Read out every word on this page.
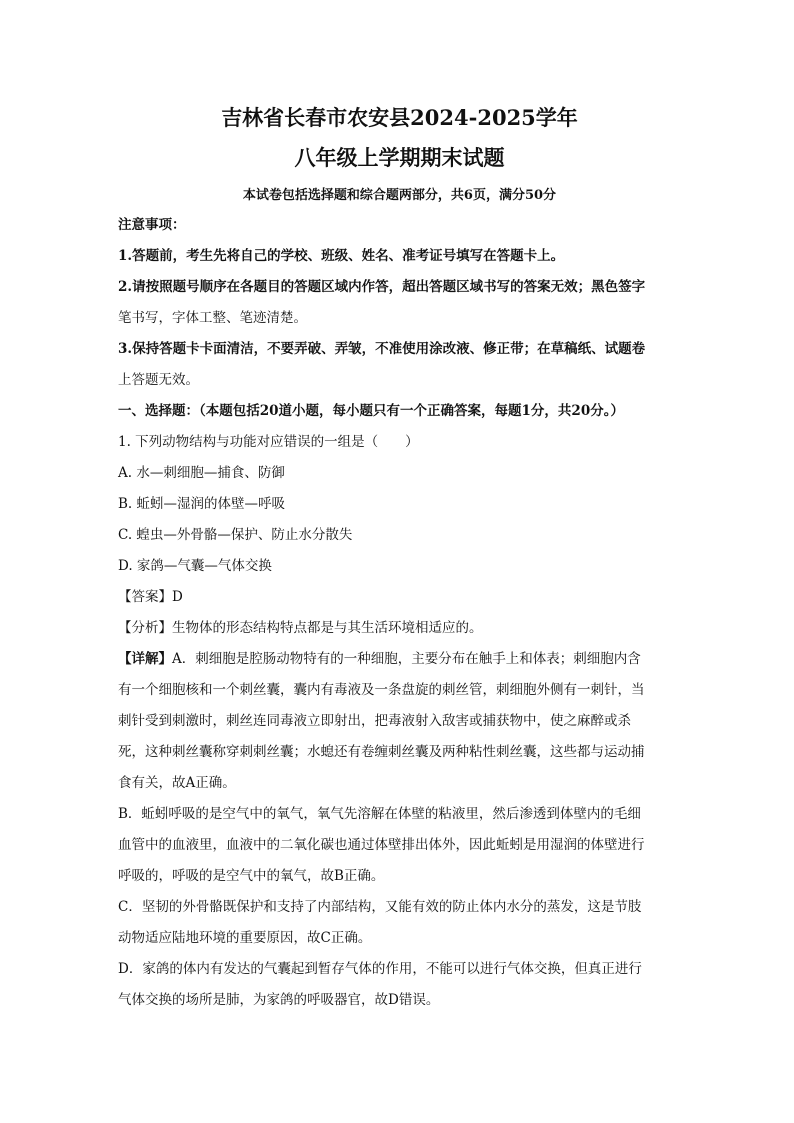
吉林省长春市农安县2024-2025学年
八年级上学期期末试题
本试卷包括选择题和综合题两部分，共6页，满分50分
注意事项：
1.答题前，考生先将自己的学校、班级、姓名、准考证号填写在答题卡上。
2.请按照题号顺序在各题目的答题区域内作答，超出答题区域书写的答案无效；黑色签字
笔书写，字体工整、笔迹清楚。
3.保持答题卡卡面清洁，不要弄破、弄皱，不准使用涂改液、修正带；在草稿纸、试题卷
上答题无效。
一、选择题：（本题包括20道小题，每小题只有一个正确答案，每题1分，共20分。）
1. 下列动物结构与功能对应错误的一组是（　　）
A. 水—刺细胞—捕食、防御
B. 蚯蚓—湿润的体壁—呼吸
C. 蝗虫—外骨骼—保护、防止水分散失
D. 家鸽—气囊—气体交换
【答案】D
【分析】生物体的形态结构特点都是与其生活环境相适应的。
【详解】A．刺细胞是腔肠动物特有的一种细胞，主要分布在触手上和体表；刺细胞内含
有一个细胞核和一个刺丝囊，囊内有毒液及一条盘旋的刺丝管，刺细胞外侧有一刺针，当
刺针受到刺激时，刺丝连同毒液立即射出，把毒液射入敌害或捕获物中，使之麻醉或杀
死，这种刺丝囊称穿刺刺丝囊；水螅还有卷缠刺丝囊及两种粘性刺丝囊，这些都与运动捕
食有关，故A正确。
B．蚯蚓呼吸的是空气中的氧气，氧气先溶解在体壁的粘液里，然后渗透到体壁内的毛细
血管中的血液里，血液中的二氧化碳也通过体壁排出体外，因此蚯蚓是用湿润的体壁进行
呼吸的，呼吸的是空气中的氧气，故B正确。
C．坚韧的外骨骼既保护和支持了内部结构，又能有效的防止体内水分的蒸发，这是节肢
动物适应陆地环境的重要原因，故C正确。
D．家鸽的体内有发达的气囊起到暂存气体的作用，不能可以进行气体交换，但真正进行
气体交换的场所是肺，为家鸽的呼吸器官，故D错误。
